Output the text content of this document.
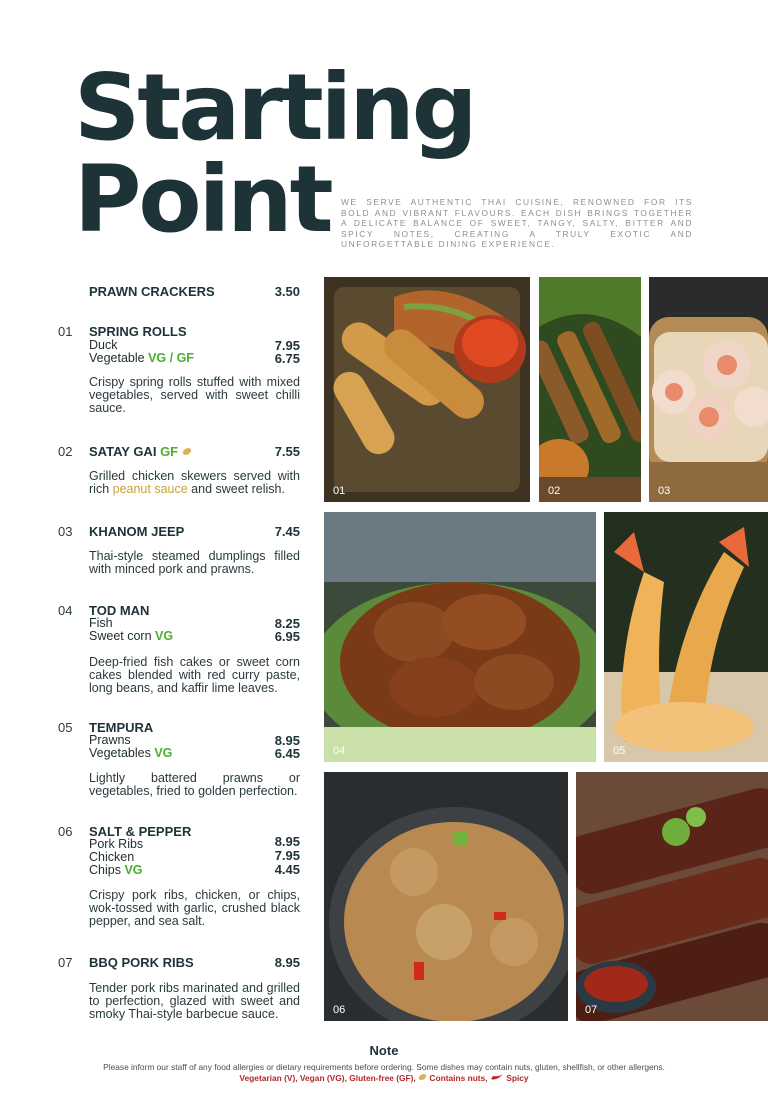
Starting
Point	WE SERVE AUTHENTIC THAI CUISINE, RENOWNED FOR ITS BOLD AND VIBRANT FLAVOURS. EACH DISH BRINGS TOGETHER A DELICATE BALANCE OF SWEET, TANGY, SALTY, BITTER AND SPICY NOTES, CREATING A TRULY EXOTIC AND UNFORGETTABLE DINING EXPERIENCE.
PRAWN CRACKERS	3.50
01 SPRING ROLLS
Duck	7.95
Vegetable VG / GF	6.75
Crispy spring rolls stuffed with mixed vegetables, served with sweet chilli sauce.
02 SATAY GAI GF	7.55
Grilled chicken skewers served with rich peanut sauce and sweet relish.
03 KHANOM JEEP	7.45
Thai-style steamed dumplings filled with minced pork and prawns.
04 TOD MAN
Fish	8.25
Sweet corn VG	6.95
Deep-fried fish cakes or sweet corn cakes blended with red curry paste, long beans, and kaffir lime leaves.
05 TEMPURA
Prawns	8.95
Vegetables VG	6.45
Lightly battered prawns or vegetables, fried to golden perfection.
06 SALT & PEPPER
Pork Ribs	8.95
Chicken	7.95
Chips VG	4.45
Crispy pork ribs, chicken, or chips, wok-tossed with garlic, crushed black pepper, and sea salt.
07 BBQ PORK RIBS	8.95
Tender pork ribs marinated and grilled to perfection, glazed with sweet and smoky Thai-style barbecue sauce.
01	02	03
04	05
06	07
Note
Please inform our staff of any food allergies or dietary requirements before ordering. Some dishes may contain nuts, gluten, shellfish, or other allergens.
Vegetarian (V), Vegan (VG), Gluten-free (GF), Contains nuts, Spicy
